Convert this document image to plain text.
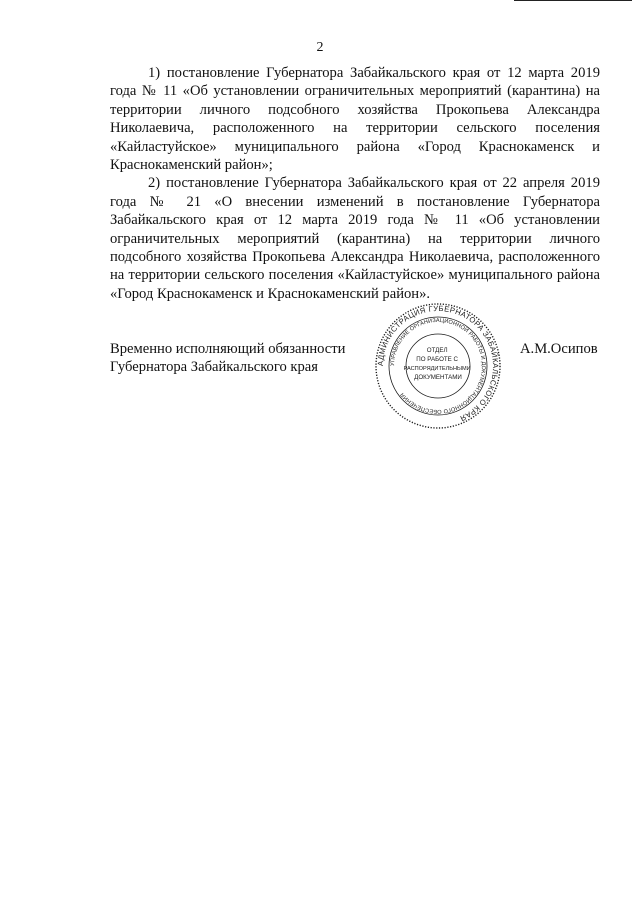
2

1) постановление Губернатора Забайкальского края от 12 марта 2019 года № 11 «Об установлении ограничительных мероприятий (карантина) на территории личного подсобного хозяйства Прокопьева Александра Николаевича, расположенного на территории сельского поселения «Кайластуйское» муниципального района «Город Краснокаменск и Краснокаменский район»;

2) постановление Губернатора Забайкальского края от 22 апреля 2019 года № 21 «О внесении изменений в постановление Губернатора Забайкальского края от 12 марта 2019 года № 11 «Об установлении ограничительных мероприятий (карантина) на территории личного подсобного хозяйства Прокопьева Александра Николаевича, расположенного на территории сельского поселения «Кайластуйское» муниципального района «Город Краснокаменск и Краснокаменский район».

Временно исполняющий обязанности
Губернатора Забайкальского края	АДМИНИСТРАЦИЯ ГУБЕРНАТОРА ЗАБАЙКАЛЬСКОГО КРАЯ
УПРАВЛЕНИЕ ОРГАНИЗАЦИОННОЙ РАБОТЫ И ДОКУМЕНТАЦИОННОГО ОБЕСПЕЧЕНИЯ
ОТДЕЛ ПО РАБОТЕ С РАСПОРЯДИТЕЛЬНЫМИ ДОКУМЕНТАМИ
А.М.Осипов
